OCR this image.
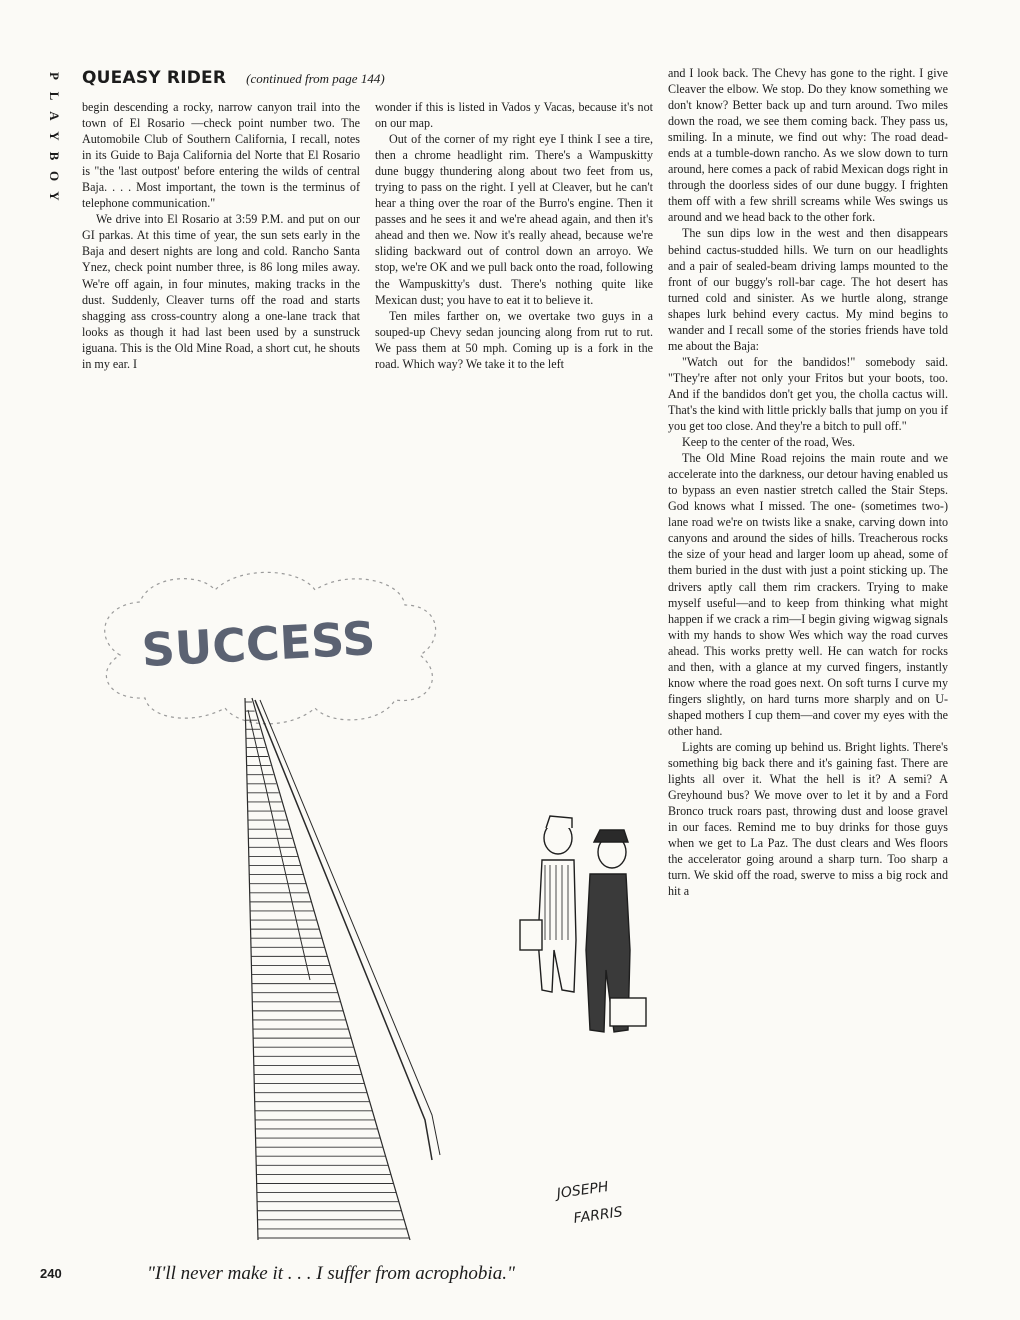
P
L
A
Y
B
O
Y
QUEASY RIDER (continued from page 144)

begin descending a rocky, narrow canyon trail into the town of El Rosario —check point number two. The Automobile Club of Southern California, I recall, notes in its Guide to Baja California del Norte that El Rosario is "the 'last outpost' before entering the wilds of central Baja. . . . Most important, the town is the terminus of telephone communication."

We drive into El Rosario at 3:59 P.M. and put on our GI parkas. At this time of year, the sun sets early in the Baja and desert nights are long and cold. Rancho Santa Ynez, check point number three, is 86 long miles away. We're off again, in four minutes, making tracks in the dust. Suddenly, Cleaver turns off the road and starts shagging ass cross-country along a one-lane track that looks as though it had last been used by a sunstruck iguana. This is the Old Mine Road, a short cut, he shouts in my ear. I

wonder if this is listed in Vados y Vacas, because it's not on our map.

Out of the corner of my right eye I think I see a tire, then a chrome headlight rim. There's a Wampuskitty dune buggy thundering along about two feet from us, trying to pass on the right. I yell at Cleaver, but he can't hear a thing over the roar of the Burro's engine. Then it passes and he sees it and we're ahead again, and then it's ahead and then we. Now it's really ahead, because we're sliding backward out of control down an arroyo. We stop, we're OK and we pull back onto the road, following the Wampuskitty's dust. There's nothing quite like Mexican dust; you have to eat it to believe it.

Ten miles farther on, we overtake two guys in a souped-up Chevy sedan jouncing along from rut to rut. We pass them at 50 mph. Coming up is a fork in the road. Which way? We take it to the left

and I look back. The Chevy has gone to the right. I give Cleaver the elbow. We stop. Do they know something we don't know? Better back up and turn around. Two miles down the road, we see them coming back. They pass us, smiling. In a minute, we find out why: The road dead-ends at a tumble-down rancho. As we slow down to turn around, here comes a pack of rabid Mexican dogs right in through the doorless sides of our dune buggy. I frighten them off with a few shrill screams while Wes swings us around and we head back to the other fork.

The sun dips low in the west and then disappears behind cactus-studded hills. We turn on our headlights and a pair of sealed-beam driving lamps mounted to the front of our buggy's roll-bar cage. The hot desert has turned cold and sinister. As we hurtle along, strange shapes lurk behind every cactus. My mind begins to wander and I recall some of the stories friends have told me about the Baja:

"Watch out for the bandidos!" somebody said. "They're after not only your Fritos but your boots, too. And if the bandidos don't get you, the cholla cactus will. That's the kind with little prickly balls that jump on you if you get too close. And they're a bitch to pull off."

Keep to the center of the road, Wes.

The Old Mine Road rejoins the main route and we accelerate into the darkness, our detour having enabled us to bypass an even nastier stretch called the Stair Steps. God knows what I missed. The one- (sometimes two-) lane road we're on twists like a snake, carving down into canyons and around the sides of hills. Treacherous rocks the size of your head and larger loom up ahead, some of them buried in the dust with just a point sticking up. The drivers aptly call them rim crackers. Trying to make myself useful—and to keep from thinking what might happen if we crack a rim—I begin giving wigwag signals with my hands to show Wes which way the road curves ahead. This works pretty well. He can watch for rocks and then, with a glance at my curved fingers, instantly know where the road goes next. On soft turns I curve my fingers slightly, on hard turns more sharply and on U-shaped mothers I cup them—and cover my eyes with the other hand.

Lights are coming up behind us. Bright lights. There's something big back there and it's gaining fast. There are lights all over it. What the hell is it? A semi? A Greyhound bus? We move over to let it by and a Ford Bronco truck roars past, throwing dust and loose gravel in our faces. Remind me to buy drinks for those guys when we get to La Paz. The dust clears and Wes floors the accelerator going around a sharp turn. Too sharp a turn. We skid off the road, swerve to miss a big rock and hit a

SUCCESS
JOSEPH
FARRIS
"I'll never make it . . . I suffer from acrophobia."
240
